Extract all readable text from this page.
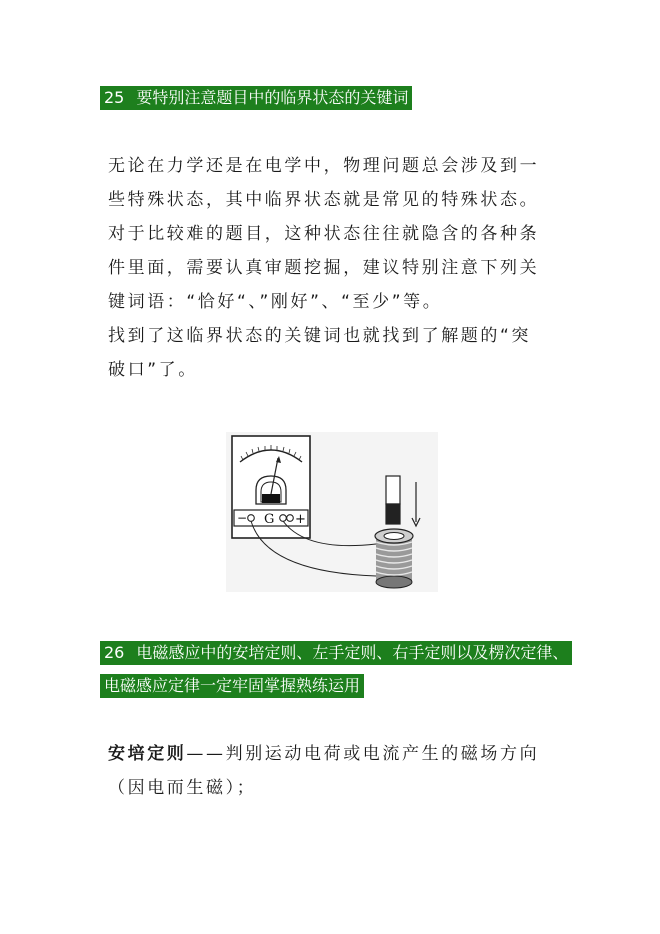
25 要特别注意题目中的临界状态的关键词

无论在力学还是在电学中，物理问题总会涉及到一
些特殊状态，其中临界状态就是常见的特殊状态。
对于比较难的题目，这种状态往往就隐含的各种条
件里面，需要认真审题挖掘，建议特别注意下列关
键词语：“恰好“、”刚好”、“至少”等。
找到了这临界状态的关键词也就找到了解题的“突
破口”了。

− G +
26 电磁感应中的安培定则、左手定则、右手定则以及楞次定律、
电磁感应定律一定牢固掌握熟练运用

安培定则——判别运动电荷或电流产生的磁场方向
（因电而生磁）；
